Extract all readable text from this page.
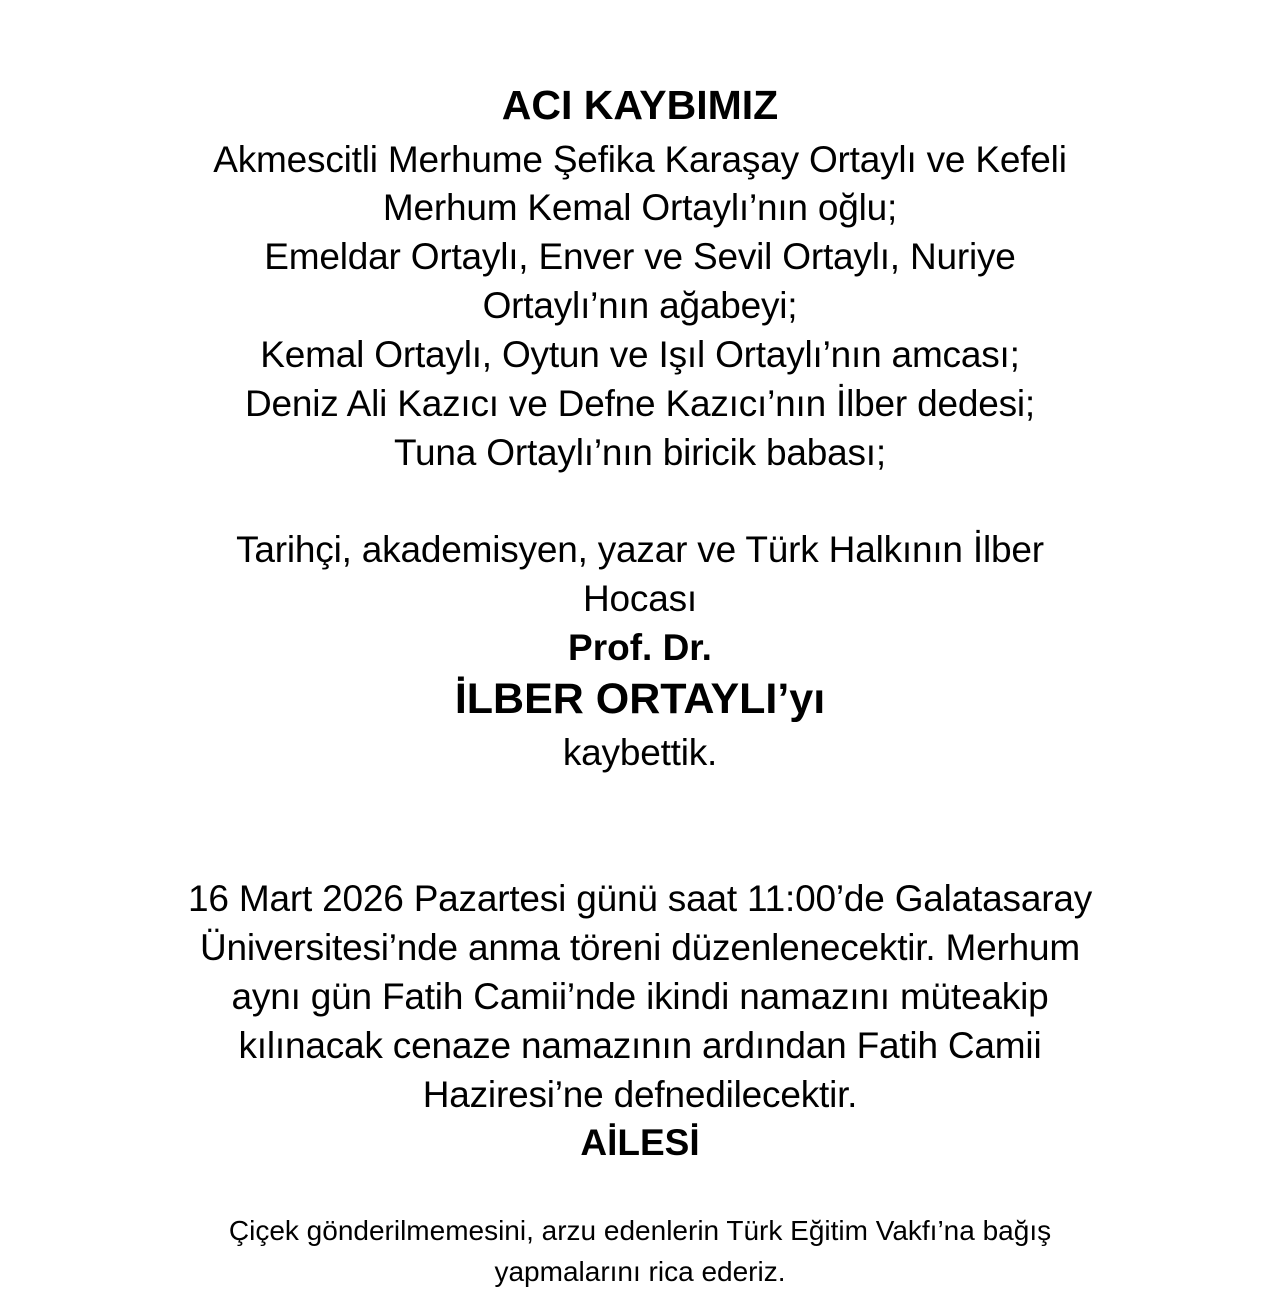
ACI KAYBIMIZ
Akmescitli Merhume Şefika Karaşay Ortaylı ve Kefeli
Merhum Kemal Ortaylı’nın oğlu;
Emeldar Ortaylı, Enver ve Sevil Ortaylı, Nuriye
Ortaylı’nın ağabeyi;
Kemal Ortaylı, Oytun ve Işıl Ortaylı’nın amcası;
Deniz Ali Kazıcı ve Defne Kazıcı’nın İlber dedesi;
Tuna Ortaylı’nın biricik babası;
Tarihçi, akademisyen, yazar ve Türk Halkının İlber
Hocası
Prof. Dr.
İLBER ORTAYLI’yı
kaybettik.
16 Mart 2026 Pazartesi günü saat 11:00’de Galatasaray
Üniversitesi’nde anma töreni düzenlenecektir. Merhum
aynı gün Fatih Camii’nde ikindi namazını müteakip
kılınacak cenaze namazının ardından Fatih Camii
Haziresi’ne defnedilecektir.
AİLESİ
Çiçek gönderilmemesini, arzu edenlerin Türk Eğitim Vakfı’na bağış
yapmalarını rica ederiz.
